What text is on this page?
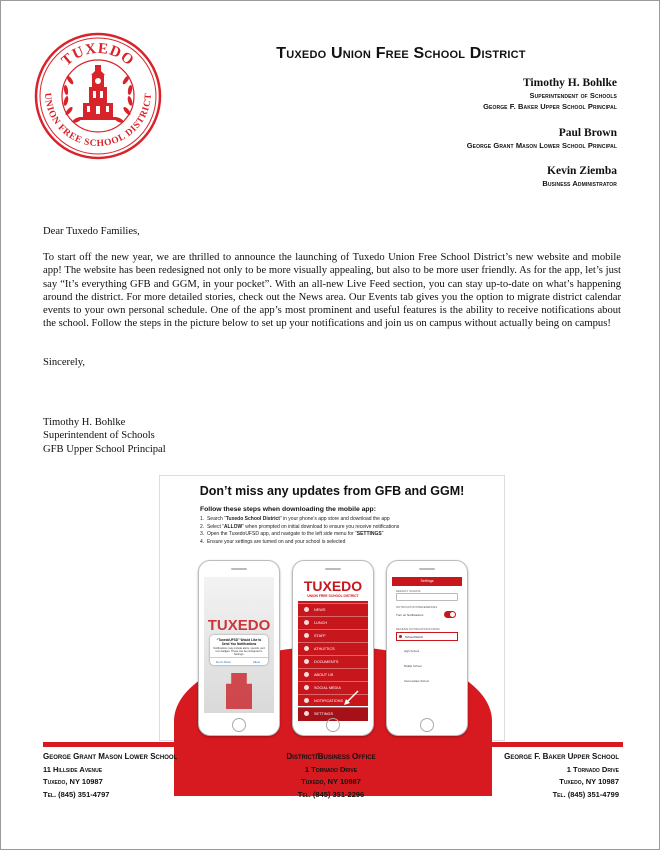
TUXEDO
UNION FREE SCHOOL DISTRICT
Tuxedo Union Free School District
Timothy H. Bohlke
Superintendent of Schools
George F. Baker Upper School Principal
Paul Brown
George Grant Mason Lower School Principal
Kevin Ziemba
Business Administrator
Dear Tuxedo Families,
To start off the new year, we are thrilled to announce the launching of Tuxedo Union Free School District’s new website and mobile app! The website has been redesigned not only to be more visually appealing, but also to be more user friendly. As for the app, let’s just say “It’s everything GFB and GGM, in your pocket”. With an all-new Live Feed section, you can stay up-to-date on what’s happening around the district. For more detailed stories, check out the News area. Our Events tab gives you the option to migrate district calendar events to your own personal schedule. One of the app’s most prominent and useful features is the ability to receive notifications about the school. Follow the steps in the picture below to set up your notifications and join us on campus without actually being on campus!
Sincerely,
Timothy H. Bohlke
Superintendent of Schools
GFB Upper School Principal
Don’t miss any updates from GFB and GGM!
Follow these steps when downloading the mobile app:
1.  Search “Tuxedo School District” in your phone’s app store and download the app
2.  Select “ALLOW” when prompted on initial download to ensure you receive notifications
3.  Open the TuxedoUFSD app, and navigate to the left side menu for “SETTINGS”
4.  Ensure your settings are turned on and your school is selected
TUXEDO
“TuxedoUFSD” Would Like to Send You Notifications
Notifications may include alerts, sounds, and icon badges. These can be configured in Settings.
Don’t Allow	Allow
TUXEDO
UNION FREE SCHOOL DISTRICT
NEWS
LUNCH
STAFF
ATHLETICS
DOCUMENTS
ABOUT US
SOCIAL MEDIA
NOTIFICATIONS
SETTINGS
Settings
DEFAULT SCHOOL
NOTIFICATION PREFERENCES
Turn on Notifications
RECEIVE NOTIFICATIONS FROM
School District
High School
Middle School
Intermediate School
George Grant Mason Lower School
11 Hillside Avenue
Tuxedo, NY 10987
Tel. (845) 351-4797
District/Business Office
1 Tornado Drive
Tuxedo, NY 10987
Tel. (845) 351-2296
George F. Baker Upper School
1 Tornado Drive
Tuxedo, NY 10987
Tel. (845) 351-4799
